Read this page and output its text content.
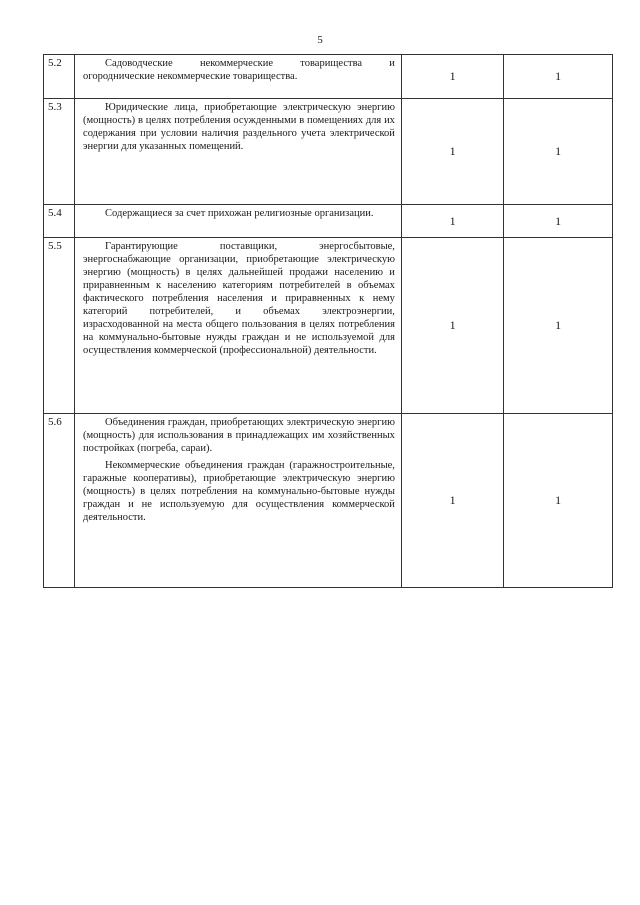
5
5.2	Садоводческие некоммерческие товарищества и огороднические некоммерческие товарищества.	1	1
5.3	Юридические лица, приобретающие электрическую энергию (мощность) в целях потребления осужденными в помещениях для их содержания при условии наличия раздельного учета электрической энергии для указанных помещений.	1	1
5.4	Содержащиеся за счет прихожан религиозные организации.	1	1
5.5	Гарантирующие поставщики, энергосбытовые, энергоснабжающие организации, приобретающие электрическую энергию (мощность) в целях дальнейшей продажи населению и приравненным к населению категориям потребителей в объемах фактического потребления населения и приравненных к нему категорий потребителей, и объемах электроэнергии, израсходованной на места общего пользования в целях потребления на коммунально-бытовые нужды граждан и не используемой для осуществления коммерческой (профессиональной) деятельности.	1	1
5.6	Объединения граждан, приобретающих электрическую энергию (мощность) для использования в принадлежащих им хозяйственных постройках (погреба, сараи).

Некоммерческие объединения граждан (гаражностроительные, гаражные кооперативы), приобретающие электрическую энергию (мощность) в целях потребления на коммунально-бытовые нужды граждан и не используемую для осуществления коммерческой деятельности.	1	1
